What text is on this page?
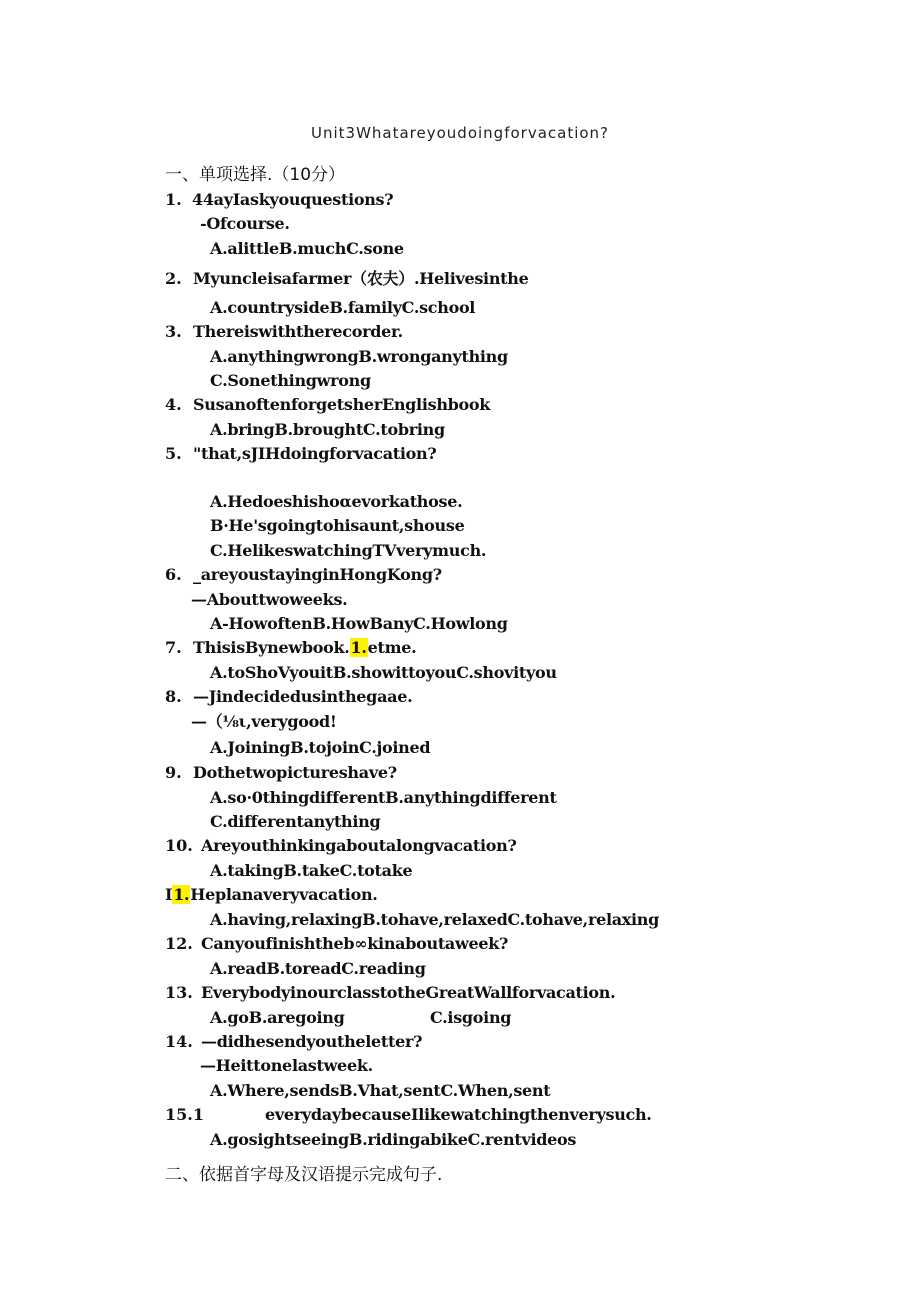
Unit3Whatareyoudoingforvacation?
一、单项选择.（10分）
1. 44ayIaskyouquestions?
-Ofcourse.
A.alittleB.muchC.sone
2. Myuncleisafarmer（农夫）.Helivesinthe
A.countrysideB.familyC.school
3. Thereiswiththerecorder.
A.anythingwrongB.wronganything
C.Sonethingwrong
4. SusanoftenforgetsherEnglishbook
A.bringB.broughtC.tobring
5. "that,sJIHdoingforvacation?
A.Hedoeshishoαevorkathose.
B·He'sgoingtohisaunt,shouse
C.HelikeswatchingTVverymuch.
6. _areyoustayinginHongKong?
—Abouttwoweeks.
A-HowoftenB.HowBanyC.Howlong
7. ThisisBynewbook.1.etme.
A.toShoVyouitB.showittoyouC.shovityou
8. —Jindecidedusinthegaae.
—（⅛ι,verygood!
A.JoiningB.tojoinC.joined
9. Dothetwopictureshave?
A.so·0thingdifferentB.anythingdifferent
C.differentanything
10. Areyouthinkingaboutalongvacation?
A.takingB.takeC.totake
I1.Heplanaveryvacation.
A.having,relaxingB.tohave,relaxedC.tohave,relaxing
12. Canyoufinishtheb∞kinaboutaweek?
A.readB.toreadC.reading
13. EverybodyinourclasstotheGreatWallforvacation.
A.goB.aregoing	C.isgoing
14. —didhesendyoutheletter?
—Heittonelastweek.
A.Where,sendsB.Vhat,sentC.When,sent
15.1	everydaybecauseIlikewatchingthenverysuch.
A.gosightseeingB.ridingabikeC.rentvideos
二、依据首字母及汉语提示完成句子.
